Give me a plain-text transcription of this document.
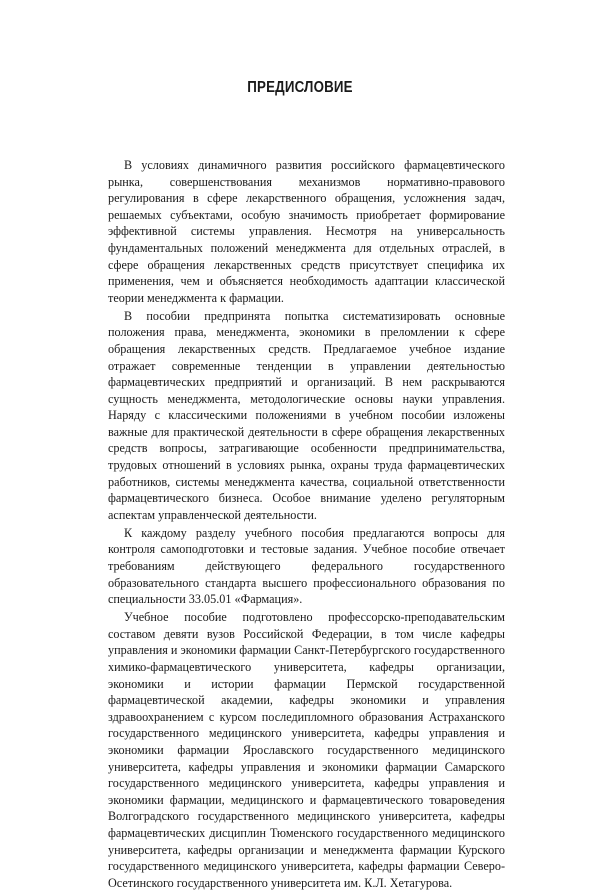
ПРЕДИСЛОВИЕ

В условиях динамичного развития российского фармацевтического рынка, совершенствования механизмов нормативно-правового регулирования в сфере лекарственного обращения, усложнения задач, решаемых субъектами, особую значимость приобретает формирование эффективной системы управления. Несмотря на универсальность фундаментальных положений менеджмента для отдельных отраслей, в сфере обращения лекарственных средств присутствует специфика их применения, чем и объясняется необходимость адаптации классической теории менеджмента к фармации.

В пособии предпринята попытка систематизировать основные положения права, менеджмента, экономики в преломлении к сфере обращения лекарственных средств. Предлагаемое учебное издание отражает современные тенденции в управлении деятельностью фармацевтических предприятий и организаций. В нем раскрываются сущность менеджмента, методологические основы науки управления. Наряду с классическими положениями в учебном пособии изложены важные для практической деятельности в сфере обращения лекарственных средств вопросы, затрагивающие особенности предпринимательства, трудовых отношений в условиях рынка, охраны труда фармацевтических работников, системы менеджмента качества, социальной ответственности фармацевтического бизнеса. Особое внимание уделено регуляторным аспектам управленческой деятельности.

К каждому разделу учебного пособия предлагаются вопросы для контроля самоподготовки и тестовые задания. Учебное пособие отвечает требованиям действующего федерального государственного образовательного стандарта высшего профессионального образования по специальности 33.05.01 «Фармация».

Учебное пособие подготовлено профессорско-преподавательским составом девяти вузов Российской Федерации, в том числе кафедры управления и экономики фармации Санкт-Петербургского государственного химико-фармацевтического университета, кафедры организации, экономики и истории фармации Пермской государственной фармацевтической академии, кафедры экономики и управления здравоохранением с курсом последипломного образования Астраханского государственного медицинского университета, кафедры управления и экономики фармации Ярославского государственного медицинского университета, кафедры управления и экономики фармации Самарского государственного медицинского университета, кафедры управления и экономики фармации, медицинского и фармацевтического товароведения Волгоградского государственного медицинского университета, кафедры фармацевтических дисциплин Тюменского государственного медицинского университета, кафедры организации и менеджмента фармации Курского государственного медицинского университета, кафедры фармации Северо-Осетинского государственного университета им. К.Л. Хетагурова.
